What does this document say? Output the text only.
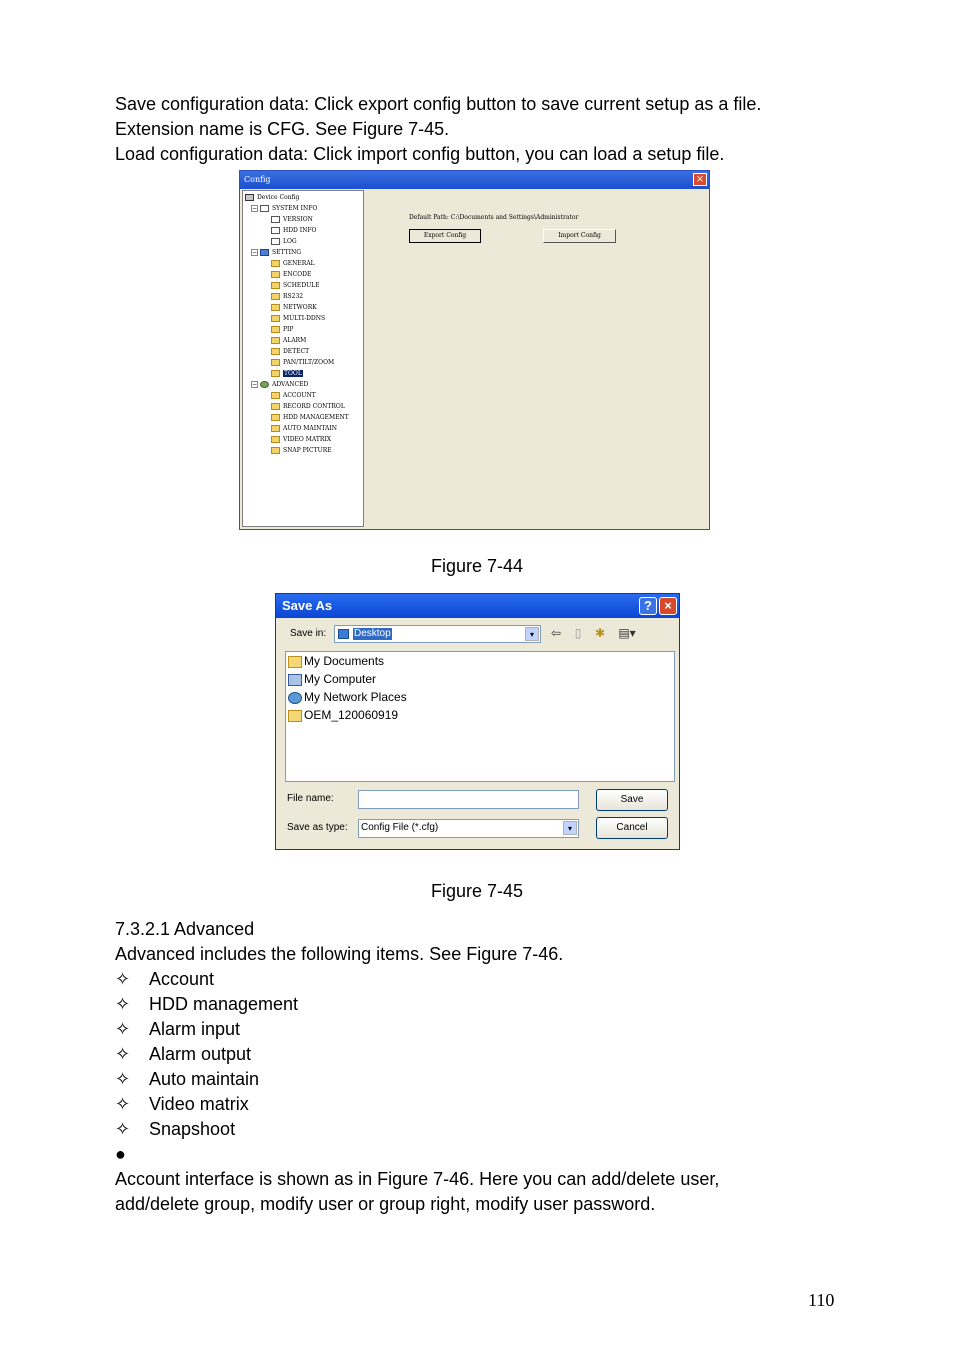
Save configuration data: Click export config button to save current setup as a file.

Extension name is CFG. See Figure 7-45.

Load configuration data: Click import config button, you can load a setup file.

Config	×
Device Config
− SYSTEM INFO
VERSION
HDD INFO
LOG
− SETTING
GENERAL
ENCODE
SCHEDULE
RS232
NETWORK
MULTI-DDNS
PIP
ALARM
DETECT
PAN/TILT/ZOOM
TOOL
− ADVANCED
ACCOUNT
RECORD CONTROL
HDD MANAGEMENT
AUTO MAINTAIN
VIDEO MATRIX
SNAP PICTURE
Default Path: C:\Documents and Settings\Administrator
Export Config	Import Config
Figure 7-44
Save As	? ×
Save in:	Desktop	▾	⇦	▯	✱	▤▾
My Documents
My Computer
My Network Places
OEM_120060919
File name:	Save
Save as type: Config File (*.cfg)	▾	Cancel
Figure 7-45
7.3.2.1 Advanced
Advanced includes the following items. See Figure 7-46.
✧ Account
✧ HDD management
✧ Alarm input
✧ Alarm output
✧ Auto maintain
✧ Video matrix
✧ Snapshoot
●
Account interface is shown as in Figure 7-46. Here you can add/delete user,
add/delete group, modify user or group right, modify user password.
110
